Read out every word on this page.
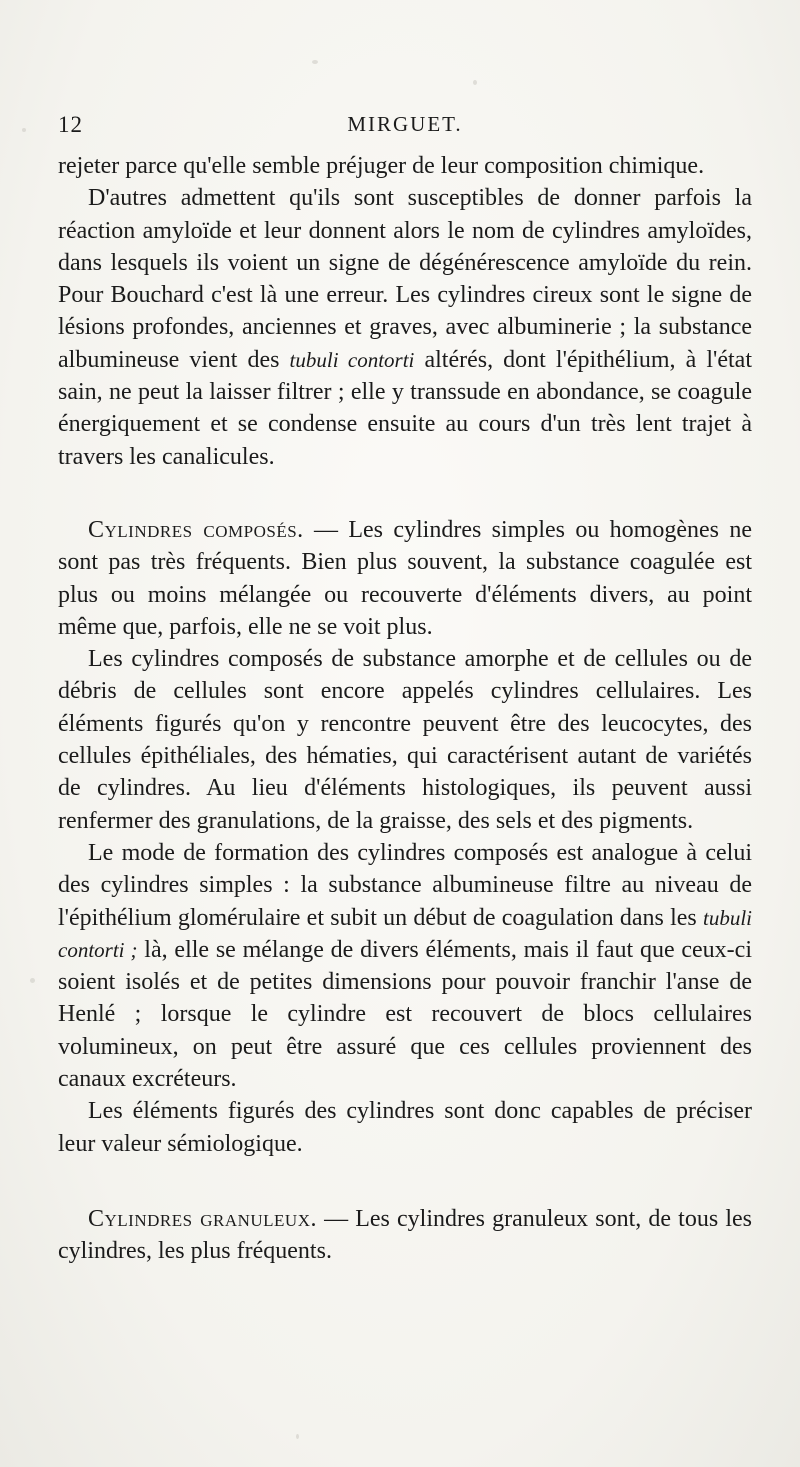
12	MIRGUET.

rejeter parce qu'elle semble préjuger de leur composition chimique.

D'autres admettent qu'ils sont susceptibles de donner parfois la réaction amyloïde et leur donnent alors le nom de cylindres amyloïdes, dans lesquels ils voient un signe de dégénérescence amyloïde du rein. Pour Bouchard c'est là une erreur. Les cylindres cireux sont le signe de lésions profondes, anciennes et graves, avec albuminerie ; la substance albumineuse vient des tubuli contorti altérés, dont l'épithélium, à l'état sain, ne peut la laisser filtrer ; elle y transsude en abondance, se coagule énergiquement et se condense ensuite au cours d'un très lent trajet à travers les canalicules.

Cylindres composés. — Les cylindres simples ou homogènes ne sont pas très fréquents. Bien plus souvent, la substance coagulée est plus ou moins mélangée ou recouverte d'éléments divers, au point même que, parfois, elle ne se voit plus.

Les cylindres composés de substance amorphe et de cellules ou de débris de cellules sont encore appelés cylindres cellulaires. Les éléments figurés qu'on y rencontre peuvent être des leucocytes, des cellules épithéliales, des hématies, qui caractérisent autant de variétés de cylindres. Au lieu d'éléments histologiques, ils peuvent aussi renfermer des granulations, de la graisse, des sels et des pigments.

Le mode de formation des cylindres composés est analogue à celui des cylindres simples : la substance albumineuse filtre au niveau de l'épithélium glomérulaire et subit un début de coagulation dans les tubuli contorti ; là, elle se mélange de divers éléments, mais il faut que ceux-ci soient isolés et de petites dimensions pour pouvoir franchir l'anse de Henlé ; lorsque le cylindre est recouvert de blocs cellulaires volumineux, on peut être assuré que ces cellules proviennent des canaux excréteurs.

Les éléments figurés des cylindres sont donc capables de préciser leur valeur sémiologique.

Cylindres granuleux. — Les cylindres granuleux sont, de tous les cylindres, les plus fréquents.
